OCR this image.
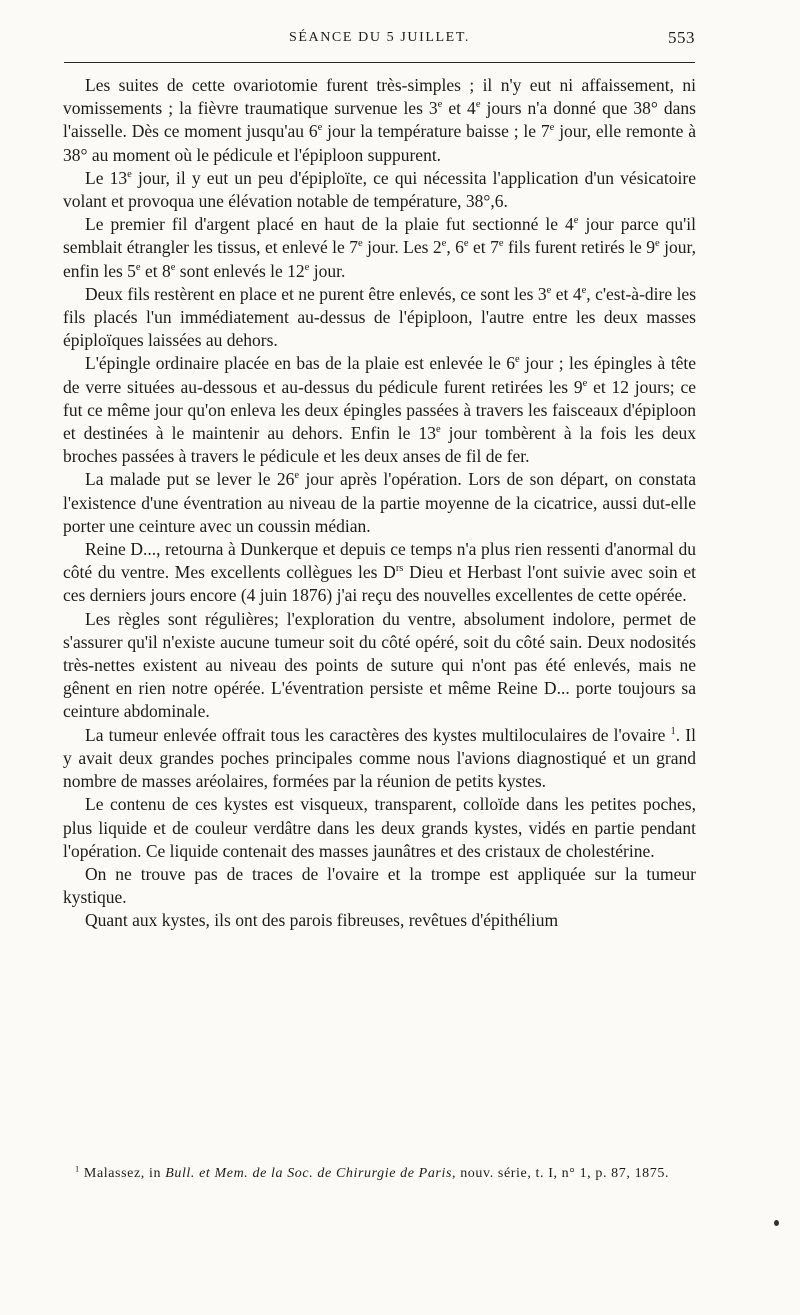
SÉANCE DU 5 JUILLET.	553

Les suites de cette ovariotomie furent très-simples ; il n'y eut ni affaissement, ni vomissements ; la fièvre traumatique survenue les 3e et 4e jours n'a donné que 38° dans l'aisselle. Dès ce moment jusqu'au 6e jour la température baisse ; le 7e jour, elle remonte à 38° au moment où le pédicule et l'épiploon suppurent.

Le 13e jour, il y eut un peu d'épiploïte, ce qui nécessita l'application d'un vésicatoire volant et provoqua une élévation notable de température, 38°,6.

Le premier fil d'argent placé en haut de la plaie fut sectionné le 4e jour parce qu'il semblait étrangler les tissus, et enlevé le 7e jour. Les 2e, 6e et 7e fils furent retirés le 9e jour, enfin les 5e et 8e sont enlevés le 12e jour.

Deux fils restèrent en place et ne purent être enlevés, ce sont les 3e et 4e, c'est-à-dire les fils placés l'un immédiatement au-dessus de l'épiploon, l'autre entre les deux masses épiploïques laissées au dehors.

L'épingle ordinaire placée en bas de la plaie est enlevée le 6e jour ; les épingles à tête de verre situées au-dessous et au-dessus du pédicule furent retirées les 9e et 12 jours; ce fut ce même jour qu'on enleva les deux épingles passées à travers les faisceaux d'épiploon et destinées à le maintenir au dehors. Enfin le 13e jour tombèrent à la fois les deux broches passées à travers le pédicule et les deux anses de fil de fer.

La malade put se lever le 26e jour après l'opération. Lors de son départ, on constata l'existence d'une éventration au niveau de la partie moyenne de la cicatrice, aussi dut-elle porter une ceinture avec un coussin médian.

Reine D..., retourna à Dunkerque et depuis ce temps n'a plus rien ressenti d'anormal du côté du ventre. Mes excellents collègues les $D^{rs}$ Dieu et Herbast l'ont suivie avec soin et ces derniers jours encore (4 juin 1876) j'ai reçu des nouvelles excellentes de cette opérée.

Les règles sont régulières; l'exploration du ventre, absolument indolore, permet de s'assurer qu'il n'existe aucune tumeur soit du côté opéré, soit du côté sain. Deux nodosités très-nettes existent au niveau des points de suture qui n'ont pas été enlevés, mais ne gênent en rien notre opérée. L'éventration persiste et même Reine D... porte toujours sa ceinture abdominale.

La tumeur enlevée offrait tous les caractères des kystes multiloculaires de l'ovaire $^1$. Il y avait deux grandes poches principales comme nous l'avions diagnostiqué et un grand nombre de masses aréolaires, formées par la réunion de petits kystes.

Le contenu de ces kystes est visqueux, transparent, colloïde dans les petites poches, plus liquide et de couleur verdâtre dans les deux grands kystes, vidés en partie pendant l'opération. Ce liquide contenait des masses jaunâtres et des cristaux de cholestérine.

On ne trouve pas de traces de l'ovaire et la trompe est appliquée sur la tumeur kystique.

Quant aux kystes, ils ont des parois fibreuses, revêtues d'épithélium

$^1$ Malassez, in Bull. et Mem. de la Soc. de Chirurgie de Paris, nouv. série, t. I, n° 1, p. 87, 1875.
